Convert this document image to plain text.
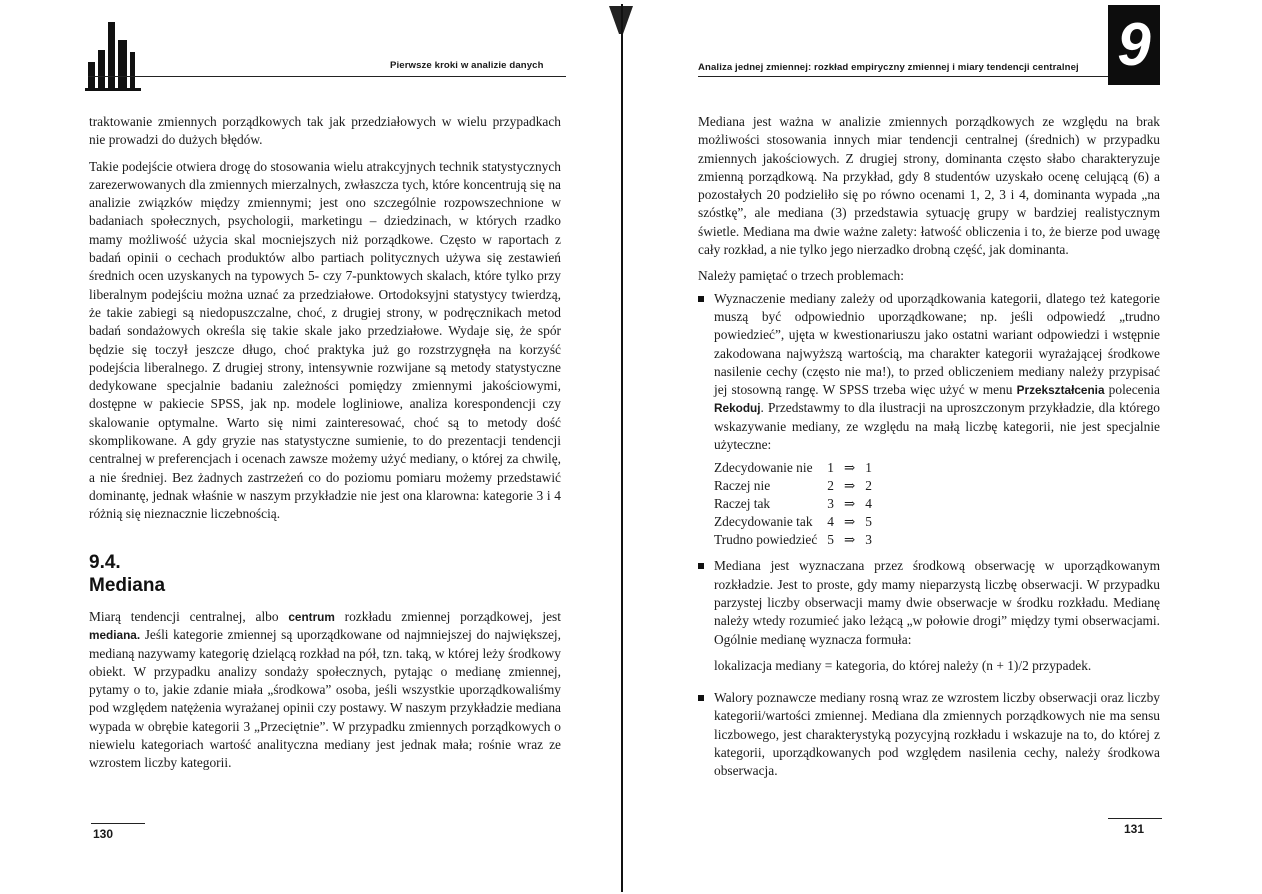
Pierwsze kroki w analizie danych

traktowanie zmiennych porządkowych tak jak przedziałowych w wielu przypadkach nie prowadzi do dużych błędów.

Takie podejście otwiera drogę do stosowania wielu atrakcyjnych technik statystycznych zarezerwowanych dla zmiennych mierzalnych, zwłaszcza tych, które koncentrują się na analizie związków między zmiennymi; jest ono szczególnie rozpowszechnione w badaniach społecznych, psychologii, marketingu – dziedzinach, w których rzadko mamy możliwość użycia skal mocniejszych niż porządkowe. Często w raportach z badań opinii o cechach produktów albo partiach politycznych używa się zestawień średnich ocen uzyskanych na typowych 5- czy 7-punktowych skalach, które tylko przy liberalnym podejściu można uznać za przedziałowe. Ortodoksyjni statystycy twierdzą, że takie zabiegi są niedopuszczalne, choć, z drugiej strony, w podręcznikach metod badań sondażowych określa się takie skale jako przedziałowe. Wydaje się, że spór będzie się toczył jeszcze długo, choć praktyka już go rozstrzygnęła na korzyść podejścia liberalnego. Z drugiej strony, intensywnie rozwijane są metody statystyczne dedykowane specjalnie badaniu zależności pomiędzy zmiennymi jakościowymi, dostępne w pakiecie SPSS, jak np. modele logliniowe, analiza korespondencji czy skalowanie optymalne. Warto się nimi zainteresować, choć są to metody dość skomplikowane. A gdy gryzie nas statystyczne sumienie, to do prezentacji tendencji centralnej w preferencjach i ocenach zawsze możemy użyć mediany, o której za chwilę, a nie średniej. Bez żadnych zastrzeżeń co do poziomu pomiaru możemy przedstawić dominantę, jednak właśnie w naszym przykładzie nie jest ona klarowna: kategorie 3 i 4 różnią się nieznacznie liczebnością.

9.4.
Mediana

Miarą tendencji centralnej, albo centrum rozkładu zmiennej porządkowej, jest mediana. Jeśli kategorie zmiennej są uporządkowane od najmniejszej do największej, medianą nazywamy kategorię dzielącą rozkład na pół, tzn. taką, w której leży środkowy obiekt. W przypadku analizy sondaży społecznych, pytając o medianę zmiennej, pytamy o to, jakie zdanie miała „środkowa” osoba, jeśli wszystkie uporządkowaliśmy pod względem natężenia wyrażanej opinii czy postawy. W naszym przykładzie mediana wypada w obrębie kategorii 3 „Przeciętnie”. W przypadku zmiennych porządkowych o niewielu kategoriach wartość analityczna mediany jest jednak mała; rośnie wraz ze wzrostem liczby kategorii.

130
Analiza jednej zmiennej: rozkład empiryczny zmiennej i miary tendencji centralnej 9

Mediana jest ważna w analizie zmiennych porządkowych ze względu na brak możliwości stosowania innych miar tendencji centralnej (średnich) w przypadku zmiennych jakościowych. Z drugiej strony, dominanta często słabo charakteryzuje zmienną porządkową. Na przykład, gdy 8 studentów uzyskało ocenę celującą (6) a pozostałych 20 podzieliło się po równo ocenami 1, 2, 3 i 4, dominanta wypada „na szóstkę”, ale mediana (3) przedstawia sytuację grupy w bardziej realistycznym świetle. Mediana ma dwie ważne zalety: łatwość obliczenia i to, że bierze pod uwagę cały rozkład, a nie tylko jego nierzadko drobną część, jak dominanta.

Należy pamiętać o trzech problemach:

Wyznaczenie mediany zależy od uporządkowania kategorii, dlatego też kategorie muszą być odpowiednio uporządkowane; np. jeśli odpowiedź „trudno powiedzieć”, ujęta w kwestionariuszu jako ostatni wariant odpowiedzi i wstępnie zakodowana najwyższą wartością, ma charakter kategorii wyrażającej środkowe nasilenie cechy (często nie ma!), to przed obliczeniem mediany należy przypisać jej stosowną rangę. W SPSS trzeba więc użyć w menu Przekształcenia polecenia Rekoduj. Przedstawmy to dla ilustracji na uproszczonym przykładzie, dla którego wskazywanie mediany, ze względu na małą liczbę kategorii, nie jest specjalnie użyteczne:
Zdecydowanie nie	1	⇒	1
Raczej nie	2	⇒	2
Raczej tak	3	⇒	4
Zdecydowanie tak	4	⇒	5
Trudno powiedzieć	5	⇒	3
Mediana jest wyznaczana przez środkową obserwację w uporządkowanym rozkładzie. Jest to proste, gdy mamy nieparzystą liczbę obserwacji. W przypadku parzystej liczby obserwacji mamy dwie obserwacje w środku rozkładu. Medianę należy wtedy rozumieć jako leżącą „w połowie drogi” między tymi obserwacjami. Ogólnie medianę wyznacza formuła:
lokalizacja mediany = kategoria, do której należy (n + 1)/2 przypadek.
Walory poznawcze mediany rosną wraz ze wzrostem liczby obserwacji oraz liczby kategorii/wartości zmiennej. Mediana dla zmiennych porządkowych nie ma sensu liczbowego, jest charakterystyką pozycyjną rozkładu i wskazuje na to, do której z kategorii, uporządkowanych pod względem nasilenia cechy, należy środkowa obserwacja.
131
